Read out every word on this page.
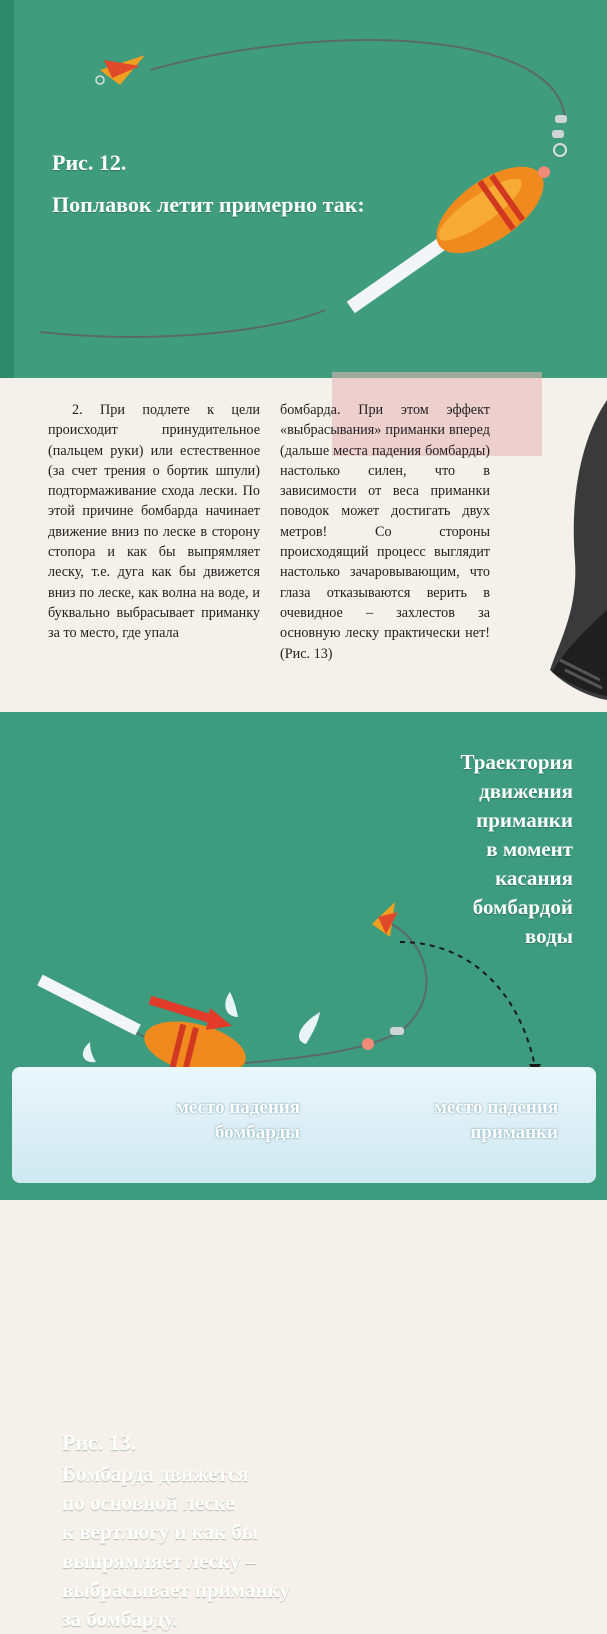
Рис. 12.
Поплавок летит примерно так:
2. При подлете к цели происходит принудительное (пальцем руки) или естественное (за счет трения о бортик шпули) подтормаживание схода лески. По этой причине бомбарда начинает движение вниз по леске в сторону стопора и как бы выпрямляет леску, т.е. дуга как бы движется вниз по леске, как волна на воде, и буквально выбрасывает приманку за то место, где упала
бомбарда. При этом эффект «выбрасывания» приманки вперед (дальше места падения бомбарды) настолько силен, что в зависимости от веса приманки поводок может достигать двух метров! Со стороны происходящий процесс выглядит настолько зачаровывающим, что глаза отказываются верить в очевидное – захлестов за основную леску практически нет! (Рис. 13)
Рис. 13.
Бомбарда движется
по основной леске
к вертлюгу и как бы
выпрямляет леску –
выбрасывает приманку
за бомбарду.
Траектория
движения
приманки
в момент
касания
бомбардой
воды
место падения
бомбарды
место падения
приманки
